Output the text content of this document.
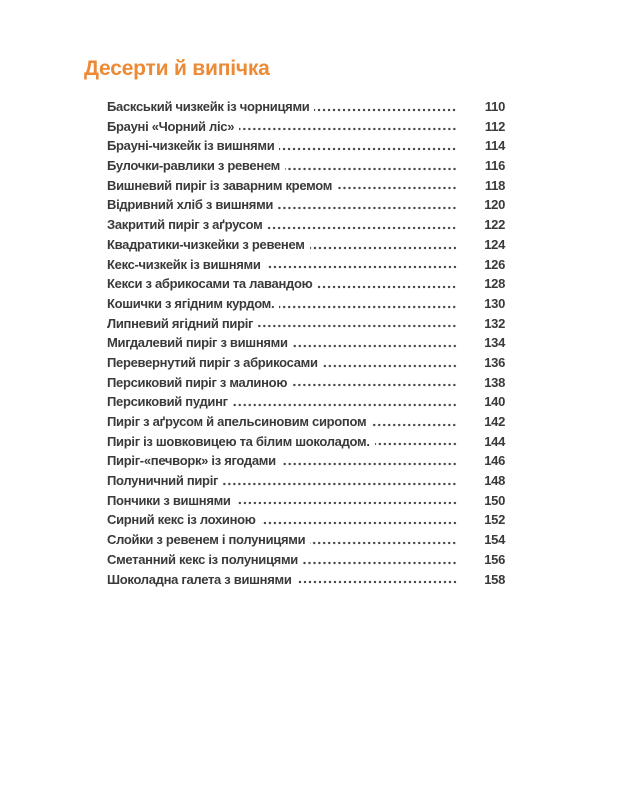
Десерти й випічка
Баскський чизкейк із чорницями	110
Брауні «Чорний ліс»	112
Брауні-чизкейк із вишнями	114
Булочки-равлики з ревенем	116
Вишневий пиріг із заварним кремом	118
Відривний хліб з вишнями	120
Закритий пиріг з аґрусом	122
Квадратики-чизкейки з ревенем	124
Кекс-чизкейк із вишнями	126
Кекси з абрикосами та лавандою	128
Кошички з ягідним курдом.	130
Липневий ягідний пиріг	132
Мигдалевий пиріг з вишнями	134
Перевернутий пиріг з абрикосами	136
Персиковий пиріг з малиною	138
Персиковий пудинг	140
Пиріг з аґрусом й апельсиновим сиропом	142
Пиріг із шовковицею та білим шоколадом.	144
Пиріг-«печворк» із ягодами	146
Полуничний пиріг	148
Пончики з вишнями	150
Сирний кекс із лохиною	152
Слойки з ревенем і полуницями	154
Сметанний кекс із полуницями	156
Шоколадна галета з вишнями	158
